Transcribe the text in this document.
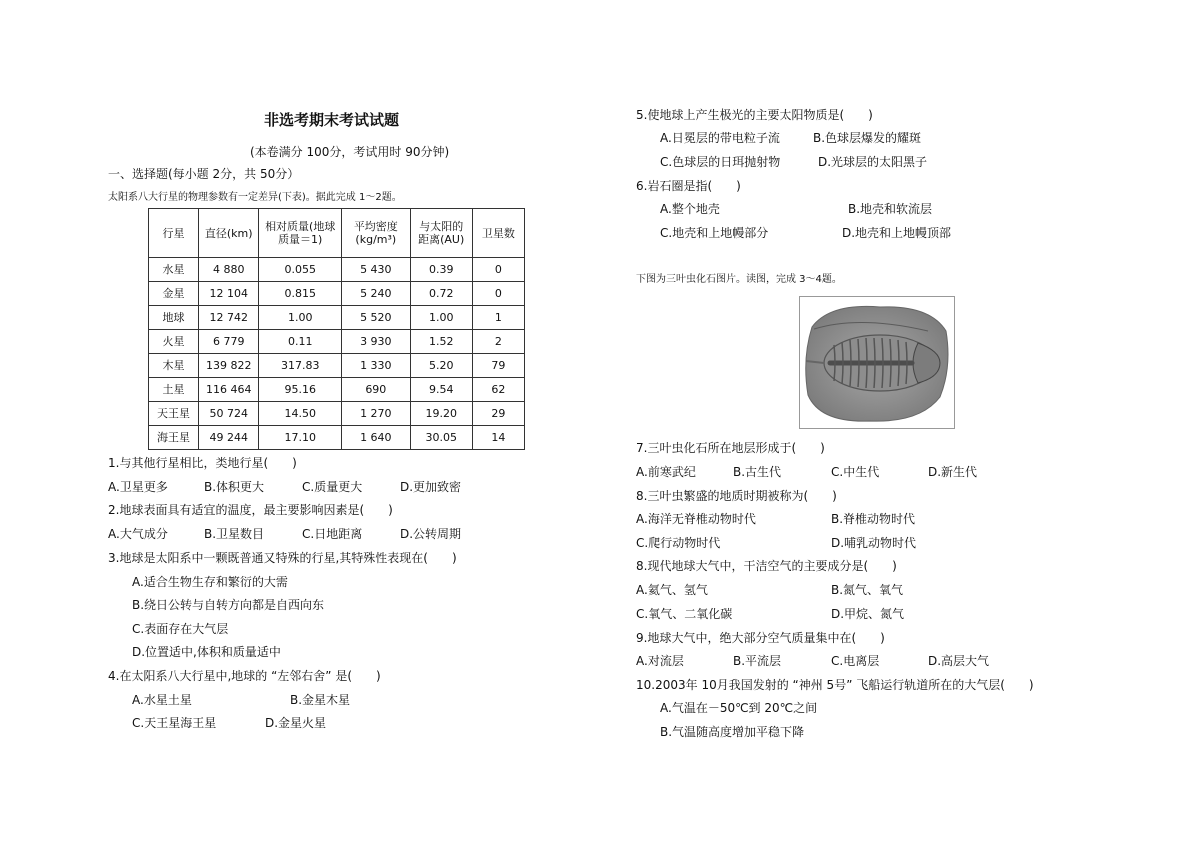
非选考期末考试试题
(本卷满分 100分，考试用时 90分钟)
一、选择题(每小题 2分，共 50分）
太阳系八大行星的物理参数有一定差异(下表)。据此完成 1～2题。
行星	直径(km)	相对质量(地球质量＝1)	平均密度(kg/m³)	与太阳的距离(AU)	卫星数
水星	4 880	0.055	5 430	0.39	0
金星	12 104	0.815	5 240	0.72	0
地球	12 742	1.00	5 520	1.00	1
火星	6 779	0.11	3 930	1.52	2
木星	139 822	317.83	1 330	5.20	79
土星	116 464	95.16	690	9.54	62
天王星	50 724	14.50	1 270	19.20	29
海王星	49 244	17.10	1 640	30.05	14
1.与其他行星相比，类地行星(　　)
A.卫星更多	B.体积更大	C.质量更大	D.更加致密
2.地球表面具有适宜的温度，最主要影响因素是(　　)
A.大气成分	B.卫星数目	C.日地距离	D.公转周期
3.地球是太阳系中一颗既普通又特殊的行星,其特殊性表现在(　　)
A.适合生物生存和繁衍的大需
B.绕日公转与自转方向都是自西向东
C.表面存在大气层
D.位置适中,体积和质量适中
4.在太阳系八大行星中,地球的 “左邻右舍” 是(　　)
A.水星土星	B.金星木星
C.天王星海王星	D.金星火星
5.使地球上产生极光的主要太阳物质是(　　)
A.日冕层的带电粒子流	B.色球层爆发的耀斑
C.色球层的日珥抛射物	D.光球层的太阳黑子
6.岩石圈是指(　　)
A.整个地壳	B.地壳和软流层
C.地壳和上地幔部分	D.地壳和上地幔顶部
下图为三叶虫化石图片。读图，完成 3～4题。
7.三叶虫化石所在地层形成于(　　)
A.前寒武纪	B.古生代	C.中生代	D.新生代
8.三叶虫繁盛的地质时期被称为(　　)
A.海洋无脊椎动物时代	B.脊椎动物时代
C.爬行动物时代	D.哺乳动物时代
8.现代地球大气中，干洁空气的主要成分是(　　)
A.氦气、氢气	B.氮气、氧气
C.氧气、二氧化碳	D.甲烷、氮气
9.地球大气中，绝大部分空气质量集中在(　　)
A.对流层	B.平流层	C.电离层	D.高层大气
10.2003年 10月我国发射的 “神州 5号” 飞船运行轨道所在的大气层(　　)
A.气温在－50℃到 20℃之间
B.气温随高度增加平稳下降
